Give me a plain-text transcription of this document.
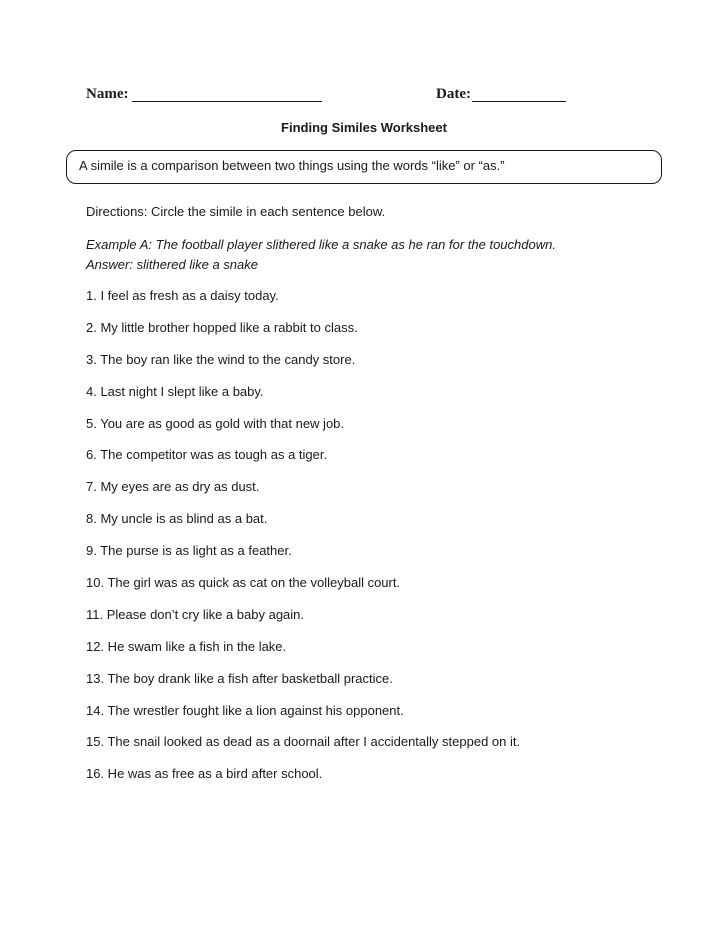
Name:	Date:
Finding Similes Worksheet
A simile is a comparison between two things using the words “like” or “as.”
Directions: Circle the simile in each sentence below.
Example A: The football player slithered like a snake as he ran for the touchdown.
Answer: slithered like a snake
1. I feel as fresh as a daisy today.
2. My little brother hopped like a rabbit to class.
3. The boy ran like the wind to the candy store.
4. Last night I slept like a baby.
5. You are as good as gold with that new job.
6. The competitor was as tough as a tiger.
7. My eyes are as dry as dust.
8. My uncle is as blind as a bat.
9. The purse is as light as a feather.
10. The girl was as quick as cat on the volleyball court.
11. Please don’t cry like a baby again.
12. He swam like a fish in the lake.
13. The boy drank like a fish after basketball practice.
14. The wrestler fought like a lion against his opponent.
15. The snail looked as dead as a doornail after I accidentally stepped on it.
16. He was as free as a bird after school.
